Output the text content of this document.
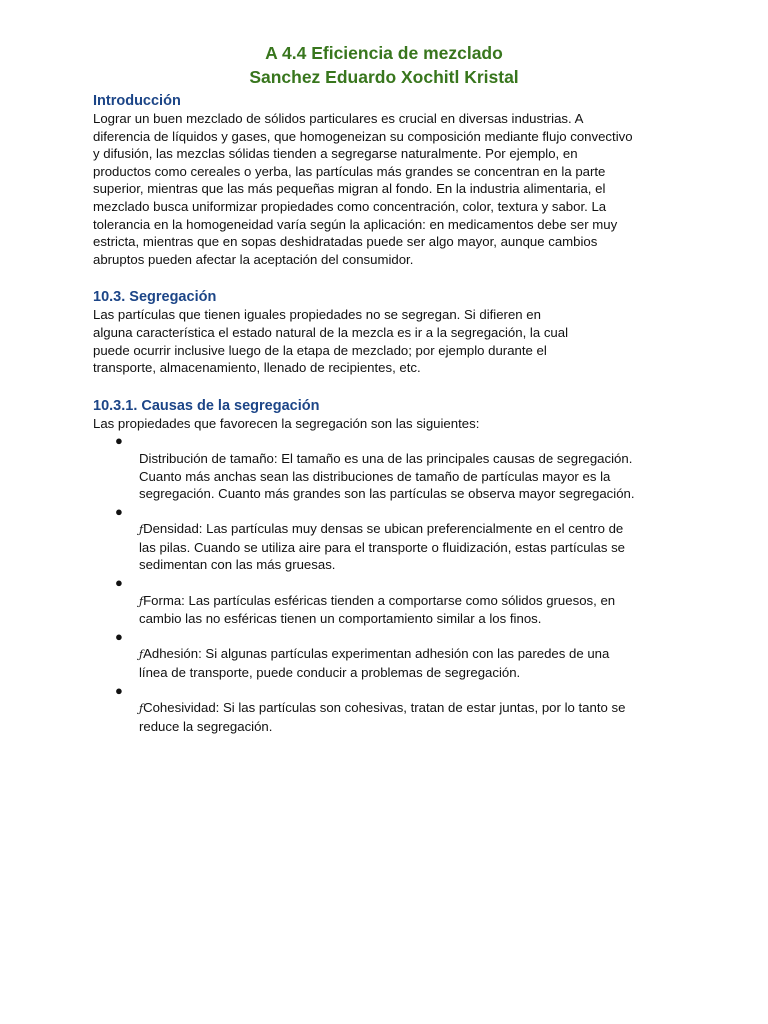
A 4.4 Eficiencia de mezclado
Sanchez Eduardo Xochitl Kristal
Introducción

Lograr un buen mezclado de sólidos particulares es crucial en diversas industrias. A
diferencia de líquidos y gases, que homogeneizan su composición mediante flujo convectivo
y difusión, las mezclas sólidas tienden a segregarse naturalmente. Por ejemplo, en
productos como cereales o yerba, las partículas más grandes se concentran en la parte
superior, mientras que las más pequeñas migran al fondo. En la industria alimentaria, el
mezclado busca uniformizar propiedades como concentración, color, textura y sabor. La
tolerancia en la homogeneidad varía según la aplicación: en medicamentos debe ser muy
estricta, mientras que en sopas deshidratadas puede ser algo mayor, aunque cambios
abruptos pueden afectar la aceptación del consumidor.

10.3. Segregación

Las partículas que tienen iguales propiedades no se segregan. Si difieren en
alguna característica el estado natural de la mezcla es ir a la segregación, la cual
puede ocurrir inclusive luego de la etapa de mezclado; por ejemplo durante el
transporte, almacenamiento, llenado de recipientes, etc.

10.3.1. Causas de la segregación

Las propiedades que favorecen la segregación son las siguientes:

●
Distribución de tamaño: El tamaño es una de las principales causas de segregación.
Cuanto más anchas sean las distribuciones de tamaño de partículas mayor es la
segregación. Cuanto más grandes son las partículas se observa mayor segregación.

●
ƒDensidad: Las partículas muy densas se ubican preferencialmente en el centro de
las pilas. Cuando se utiliza aire para el transporte o fluidización, estas partículas se
sedimentan con las más gruesas.

●
ƒForma: Las partículas esféricas tienden a comportarse como sólidos gruesos, en
cambio las no esféricas tienen un comportamiento similar a los finos.

●
ƒAdhesión: Si algunas partículas experimentan adhesión con las paredes de una
línea de transporte, puede conducir a problemas de segregación.

●
ƒCohesividad: Si las partículas son cohesivas, tratan de estar juntas, por lo tanto se
reduce la segregación.
